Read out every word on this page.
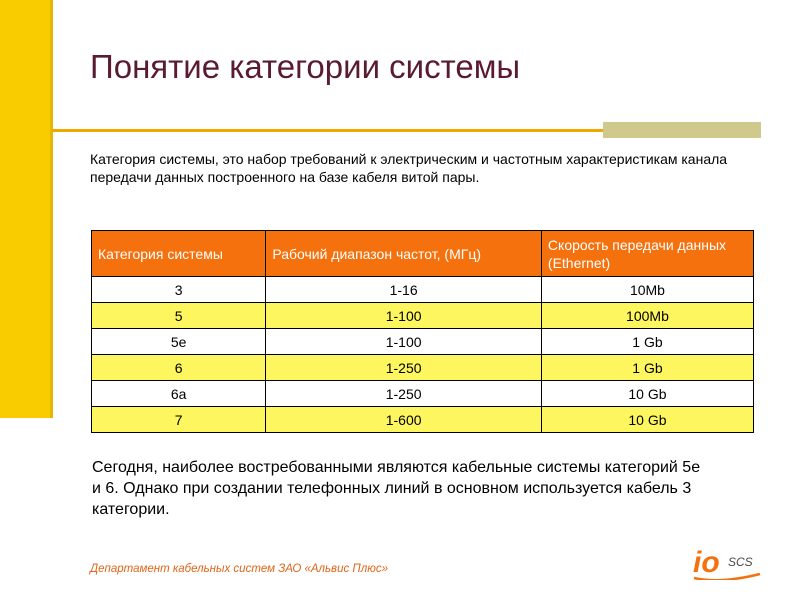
Понятие категории системы
Категория системы, это набор требований к электрическим и частотным характеристикам канала передачи данных построенного на базе кабеля витой пары.
Категория системы	Рабочий диапазон частот, (МГц)	Скорость передачи данных (Ethernet)
3	1-16	10Mb
5	1-100	100Mb
5e	1-100	1 Gb
6	1-250	1 Gb
6a	1-250	10 Gb
7	1-600	10 Gb
Сегодня, наиболее востребованными являются кабельные системы категорий 5е и 6. Однако при создании телефонных линий в основном используется кабель 3 категории.
Департамент кабельных систем ЗАО «Альвис Плюс»	io SCS
